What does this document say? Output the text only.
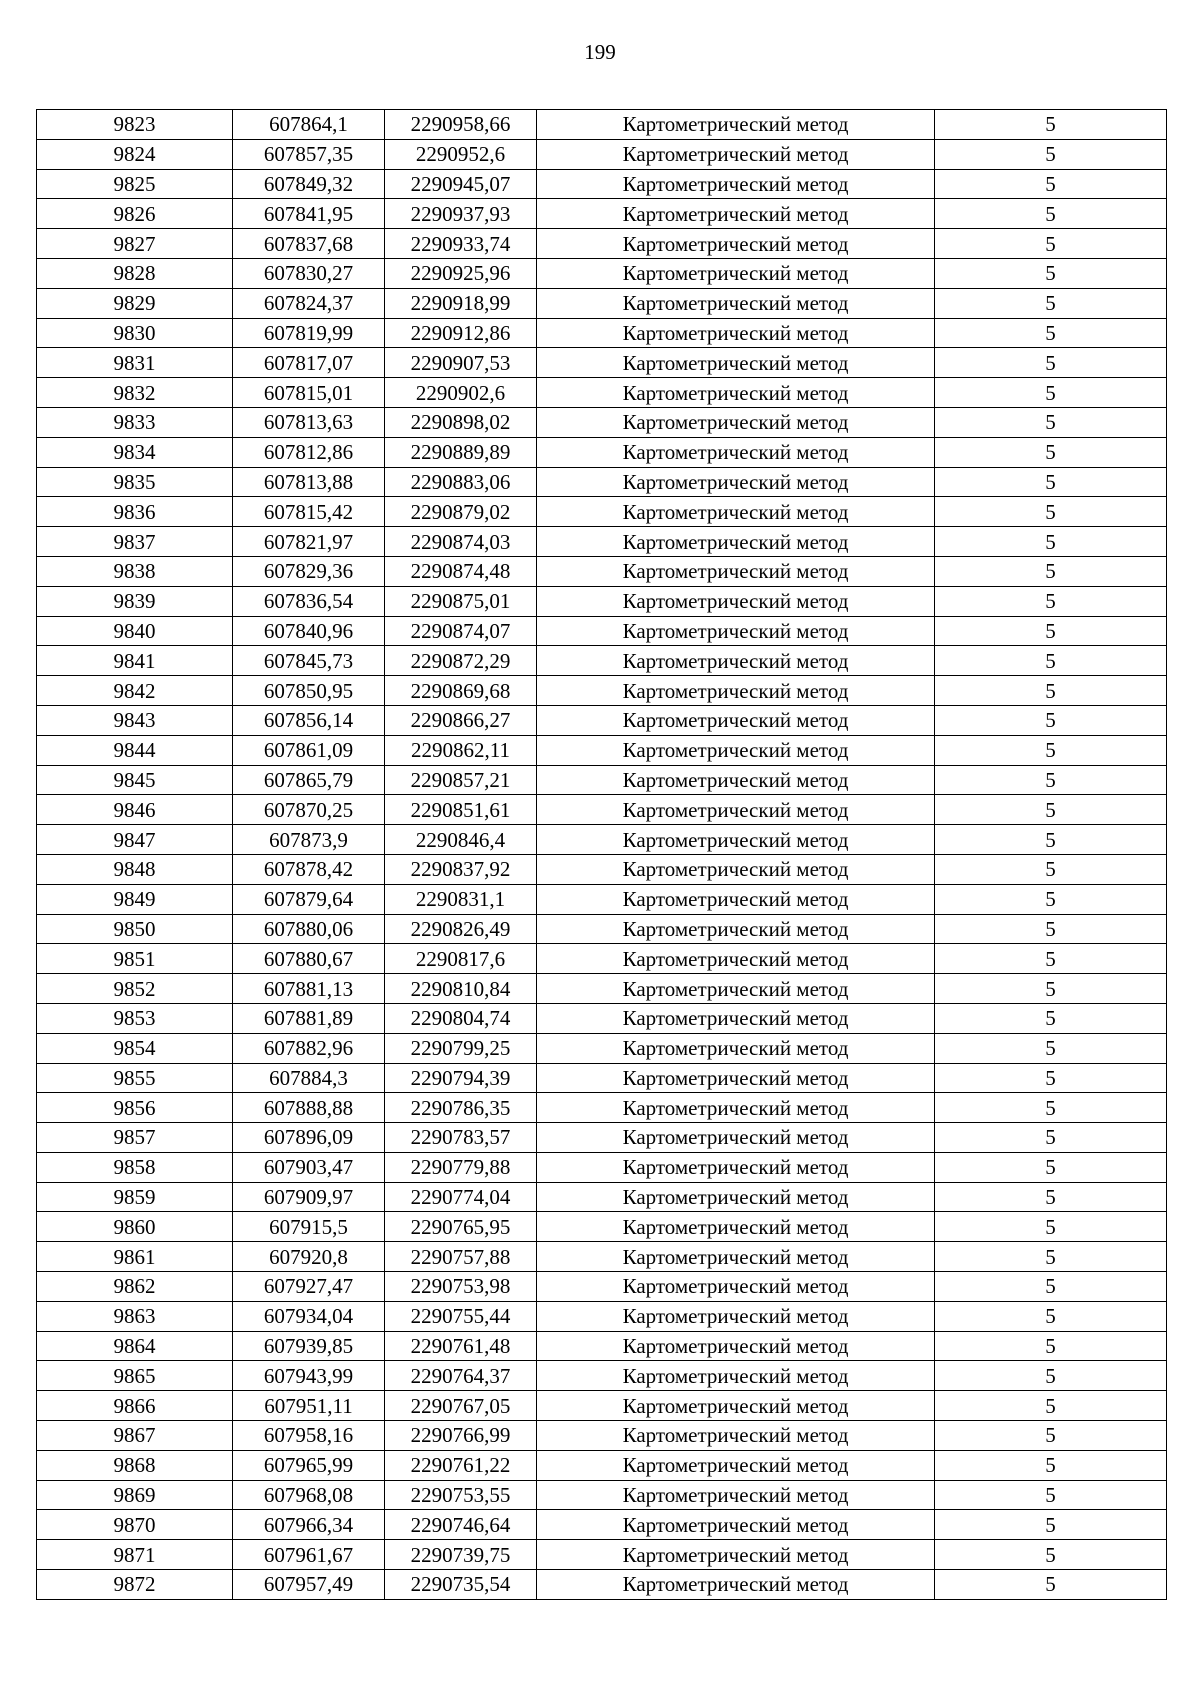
199
9823	607864,1	2290958,66	Картометрический метод	5
9824	607857,35	2290952,6	Картометрический метод	5
9825	607849,32	2290945,07	Картометрический метод	5
9826	607841,95	2290937,93	Картометрический метод	5
9827	607837,68	2290933,74	Картометрический метод	5
9828	607830,27	2290925,96	Картометрический метод	5
9829	607824,37	2290918,99	Картометрический метод	5
9830	607819,99	2290912,86	Картометрический метод	5
9831	607817,07	2290907,53	Картометрический метод	5
9832	607815,01	2290902,6	Картометрический метод	5
9833	607813,63	2290898,02	Картометрический метод	5
9834	607812,86	2290889,89	Картометрический метод	5
9835	607813,88	2290883,06	Картометрический метод	5
9836	607815,42	2290879,02	Картометрический метод	5
9837	607821,97	2290874,03	Картометрический метод	5
9838	607829,36	2290874,48	Картометрический метод	5
9839	607836,54	2290875,01	Картометрический метод	5
9840	607840,96	2290874,07	Картометрический метод	5
9841	607845,73	2290872,29	Картометрический метод	5
9842	607850,95	2290869,68	Картометрический метод	5
9843	607856,14	2290866,27	Картометрический метод	5
9844	607861,09	2290862,11	Картометрический метод	5
9845	607865,79	2290857,21	Картометрический метод	5
9846	607870,25	2290851,61	Картометрический метод	5
9847	607873,9	2290846,4	Картометрический метод	5
9848	607878,42	2290837,92	Картометрический метод	5
9849	607879,64	2290831,1	Картометрический метод	5
9850	607880,06	2290826,49	Картометрический метод	5
9851	607880,67	2290817,6	Картометрический метод	5
9852	607881,13	2290810,84	Картометрический метод	5
9853	607881,89	2290804,74	Картометрический метод	5
9854	607882,96	2290799,25	Картометрический метод	5
9855	607884,3	2290794,39	Картометрический метод	5
9856	607888,88	2290786,35	Картометрический метод	5
9857	607896,09	2290783,57	Картометрический метод	5
9858	607903,47	2290779,88	Картометрический метод	5
9859	607909,97	2290774,04	Картометрический метод	5
9860	607915,5	2290765,95	Картометрический метод	5
9861	607920,8	2290757,88	Картометрический метод	5
9862	607927,47	2290753,98	Картометрический метод	5
9863	607934,04	2290755,44	Картометрический метод	5
9864	607939,85	2290761,48	Картометрический метод	5
9865	607943,99	2290764,37	Картометрический метод	5
9866	607951,11	2290767,05	Картометрический метод	5
9867	607958,16	2290766,99	Картометрический метод	5
9868	607965,99	2290761,22	Картометрический метод	5
9869	607968,08	2290753,55	Картометрический метод	5
9870	607966,34	2290746,64	Картометрический метод	5
9871	607961,67	2290739,75	Картометрический метод	5
9872	607957,49	2290735,54	Картометрический метод	5
